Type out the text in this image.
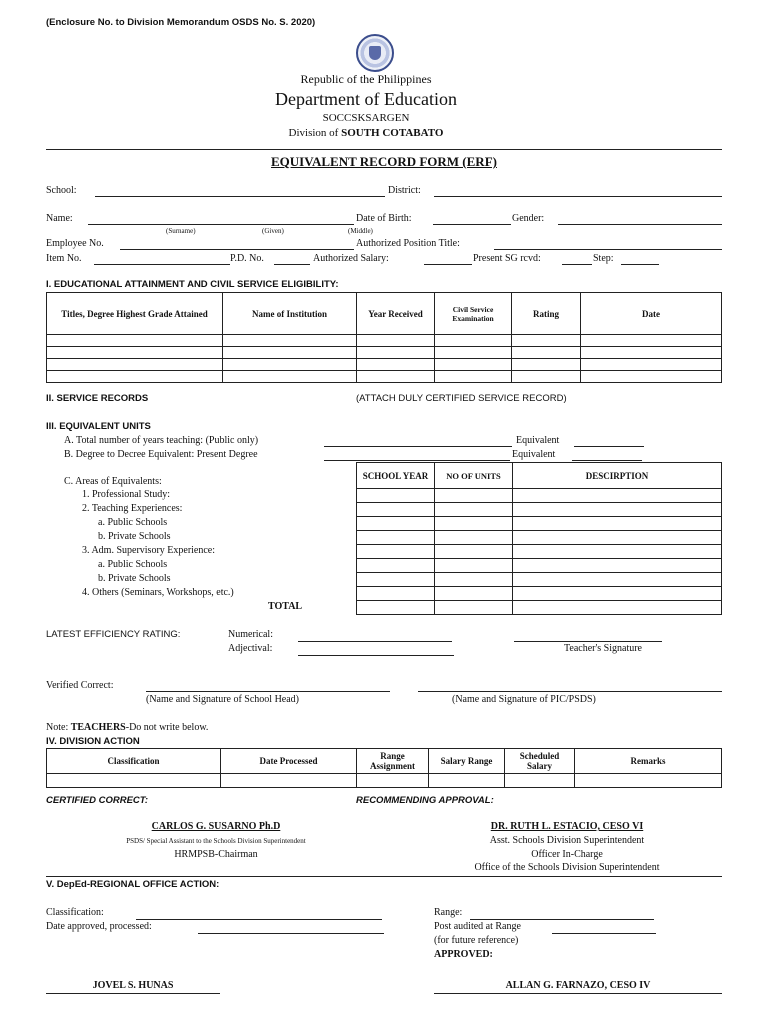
(Enclosure No. to Division Memorandum OSDS No. S. 2020)
Republic of the Philippines
Department of Education
SOCCSKSARGEN
Division of SOUTH COTABATO
EQUIVALENT RECORD FORM (ERF)
School:	District:
Name:	Date of Birth:	Gender:
(Surname)	(Given)	(Middle)
Employee No.	Authorized Position Title:
Item No.	P.D. No.	Authorized Salary:	Present SG rcvd:	Step:
I. EDUCATIONAL ATTAINMENT AND CIVIL SERVICE ELIGIBILITY:
Titles, Degree Highest Grade Attained	Name of Institution	Year Received	Civil Service Examination	Rating	Date

II. SERVICE RECORDS	(ATTACH DULY CERTIFIED SERVICE RECORD)
III. EQUIVALENT UNITS
A. Total number of years teaching: (Public only)	Equivalent
B. Degree to Decree Equivalent: Present Degree	Equivalent
C. Areas of Equivalents:
1. Professional Study:
2. Teaching Experiences:
a. Public Schools
b. Private Schools
3. Adm. Supervisory Experience:
a. Public Schools
b. Private Schools
4. Others (Seminars, Workshops, etc.)
TOTAL
SCHOOL YEAR	NO OF UNITS	DESCIRPTION

LATEST EFFICIENCY RATING:	Numerical:
Adjectival:	Teacher's Signature
Verified Correct:
(Name and Signature of School Head)	(Name and Signature of PIC/PSDS)
Note: TEACHERS-Do not write below.
IV. DIVISION ACTION
Classification	Date Processed	Range Assignment	Salary Range	Scheduled Salary	Remarks

CERTIFIED CORRECT:	RECOMMENDING APPROVAL:
CARLOS G. SUSARNO Ph.D
PSDS/ Special Assistant to the Schools Division Superintendent
HRMPSB-Chairman
DR. RUTH L. ESTACIO, CESO VI
Asst. Schools Division Superintendent
Officer In-Charge
Office of the Schools Division Superintendent
V. DepEd-REGIONAL OFFICE ACTION:
Classification:
Date approved, processed:
Range:
Post audited at Range
(for future reference)
APPROVED:
JOVEL S. HUNAS	ALLAN G. FARNAZO, CESO IV
